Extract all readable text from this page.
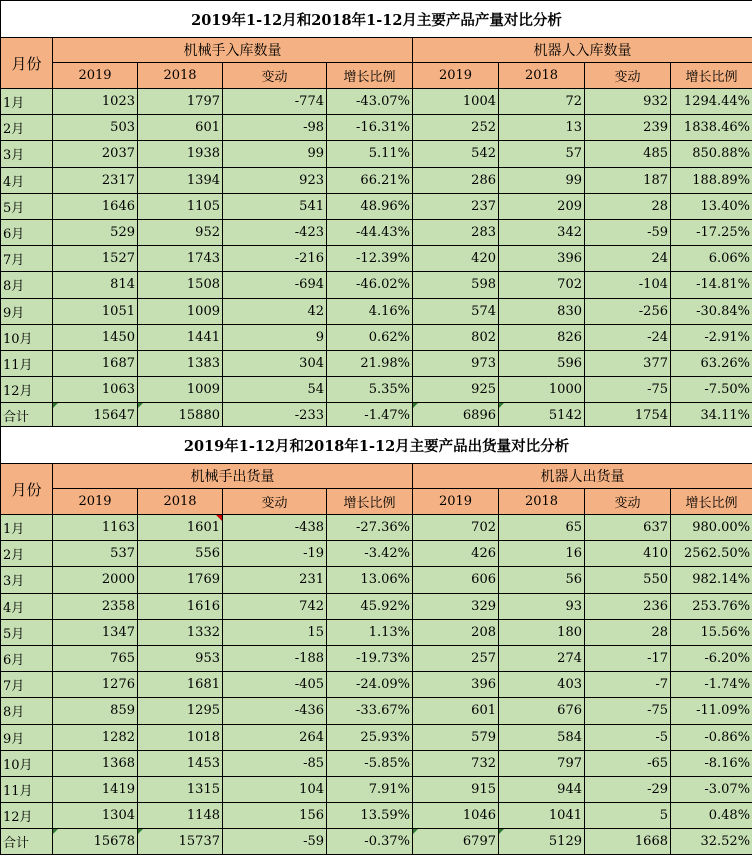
2019年1-12月和2018年1-12月主要产品产量对比分析								
月份	机械手入库数量				机器人入库数量			
	2019	2018	变动	增长比例	2019	2018	变动	增长比例
1月	1023	1797	-774	-43.07%	1004	72	932	1294.44%
2月	503	601	-98	-16.31%	252	13	239	1838.46%
3月	2037	1938	99	5.11%	542	57	485	850.88%
4月	2317	1394	923	66.21%	286	99	187	188.89%
5月	1646	1105	541	48.96%	237	209	28	13.40%
6月	529	952	-423	-44.43%	283	342	-59	-17.25%
7月	1527	1743	-216	-12.39%	420	396	24	6.06%
8月	814	1508	-694	-46.02%	598	702	-104	-14.81%
9月	1051	1009	42	4.16%	574	830	-256	-30.84%
10月	1450	1441	9	0.62%	802	826	-24	-2.91%
11月	1687	1383	304	21.98%	973	596	377	63.26%
12月	1063	1009	54	5.35%	925	1000	-75	-7.50%
合计	15647	15880	-233	-1.47%	6896	5142	1754	34.11%
2019年1-12月和2018年1-12月主要产品出货量对比分析								
月份	机械手出货量				机器人出货量			
	2019	2018	变动	增长比例	2019	2018	变动	增长比例
1月	1163	1601	-438	-27.36%	702	65	637	980.00%
2月	537	556	-19	-3.42%	426	16	410	2562.50%
3月	2000	1769	231	13.06%	606	56	550	982.14%
4月	2358	1616	742	45.92%	329	93	236	253.76%
5月	1347	1332	15	1.13%	208	180	28	15.56%
6月	765	953	-188	-19.73%	257	274	-17	-6.20%
7月	1276	1681	-405	-24.09%	396	403	-7	-1.74%
8月	859	1295	-436	-33.67%	601	676	-75	-11.09%
9月	1282	1018	264	25.93%	579	584	-5	-0.86%
10月	1368	1453	-85	-5.85%	732	797	-65	-8.16%
11月	1419	1315	104	7.91%	915	944	-29	-3.07%
12月	1304	1148	156	13.59%	1046	1041	5	0.48%
合计	15678	15737	-59	-0.37%	6797	5129	1668	32.52%
